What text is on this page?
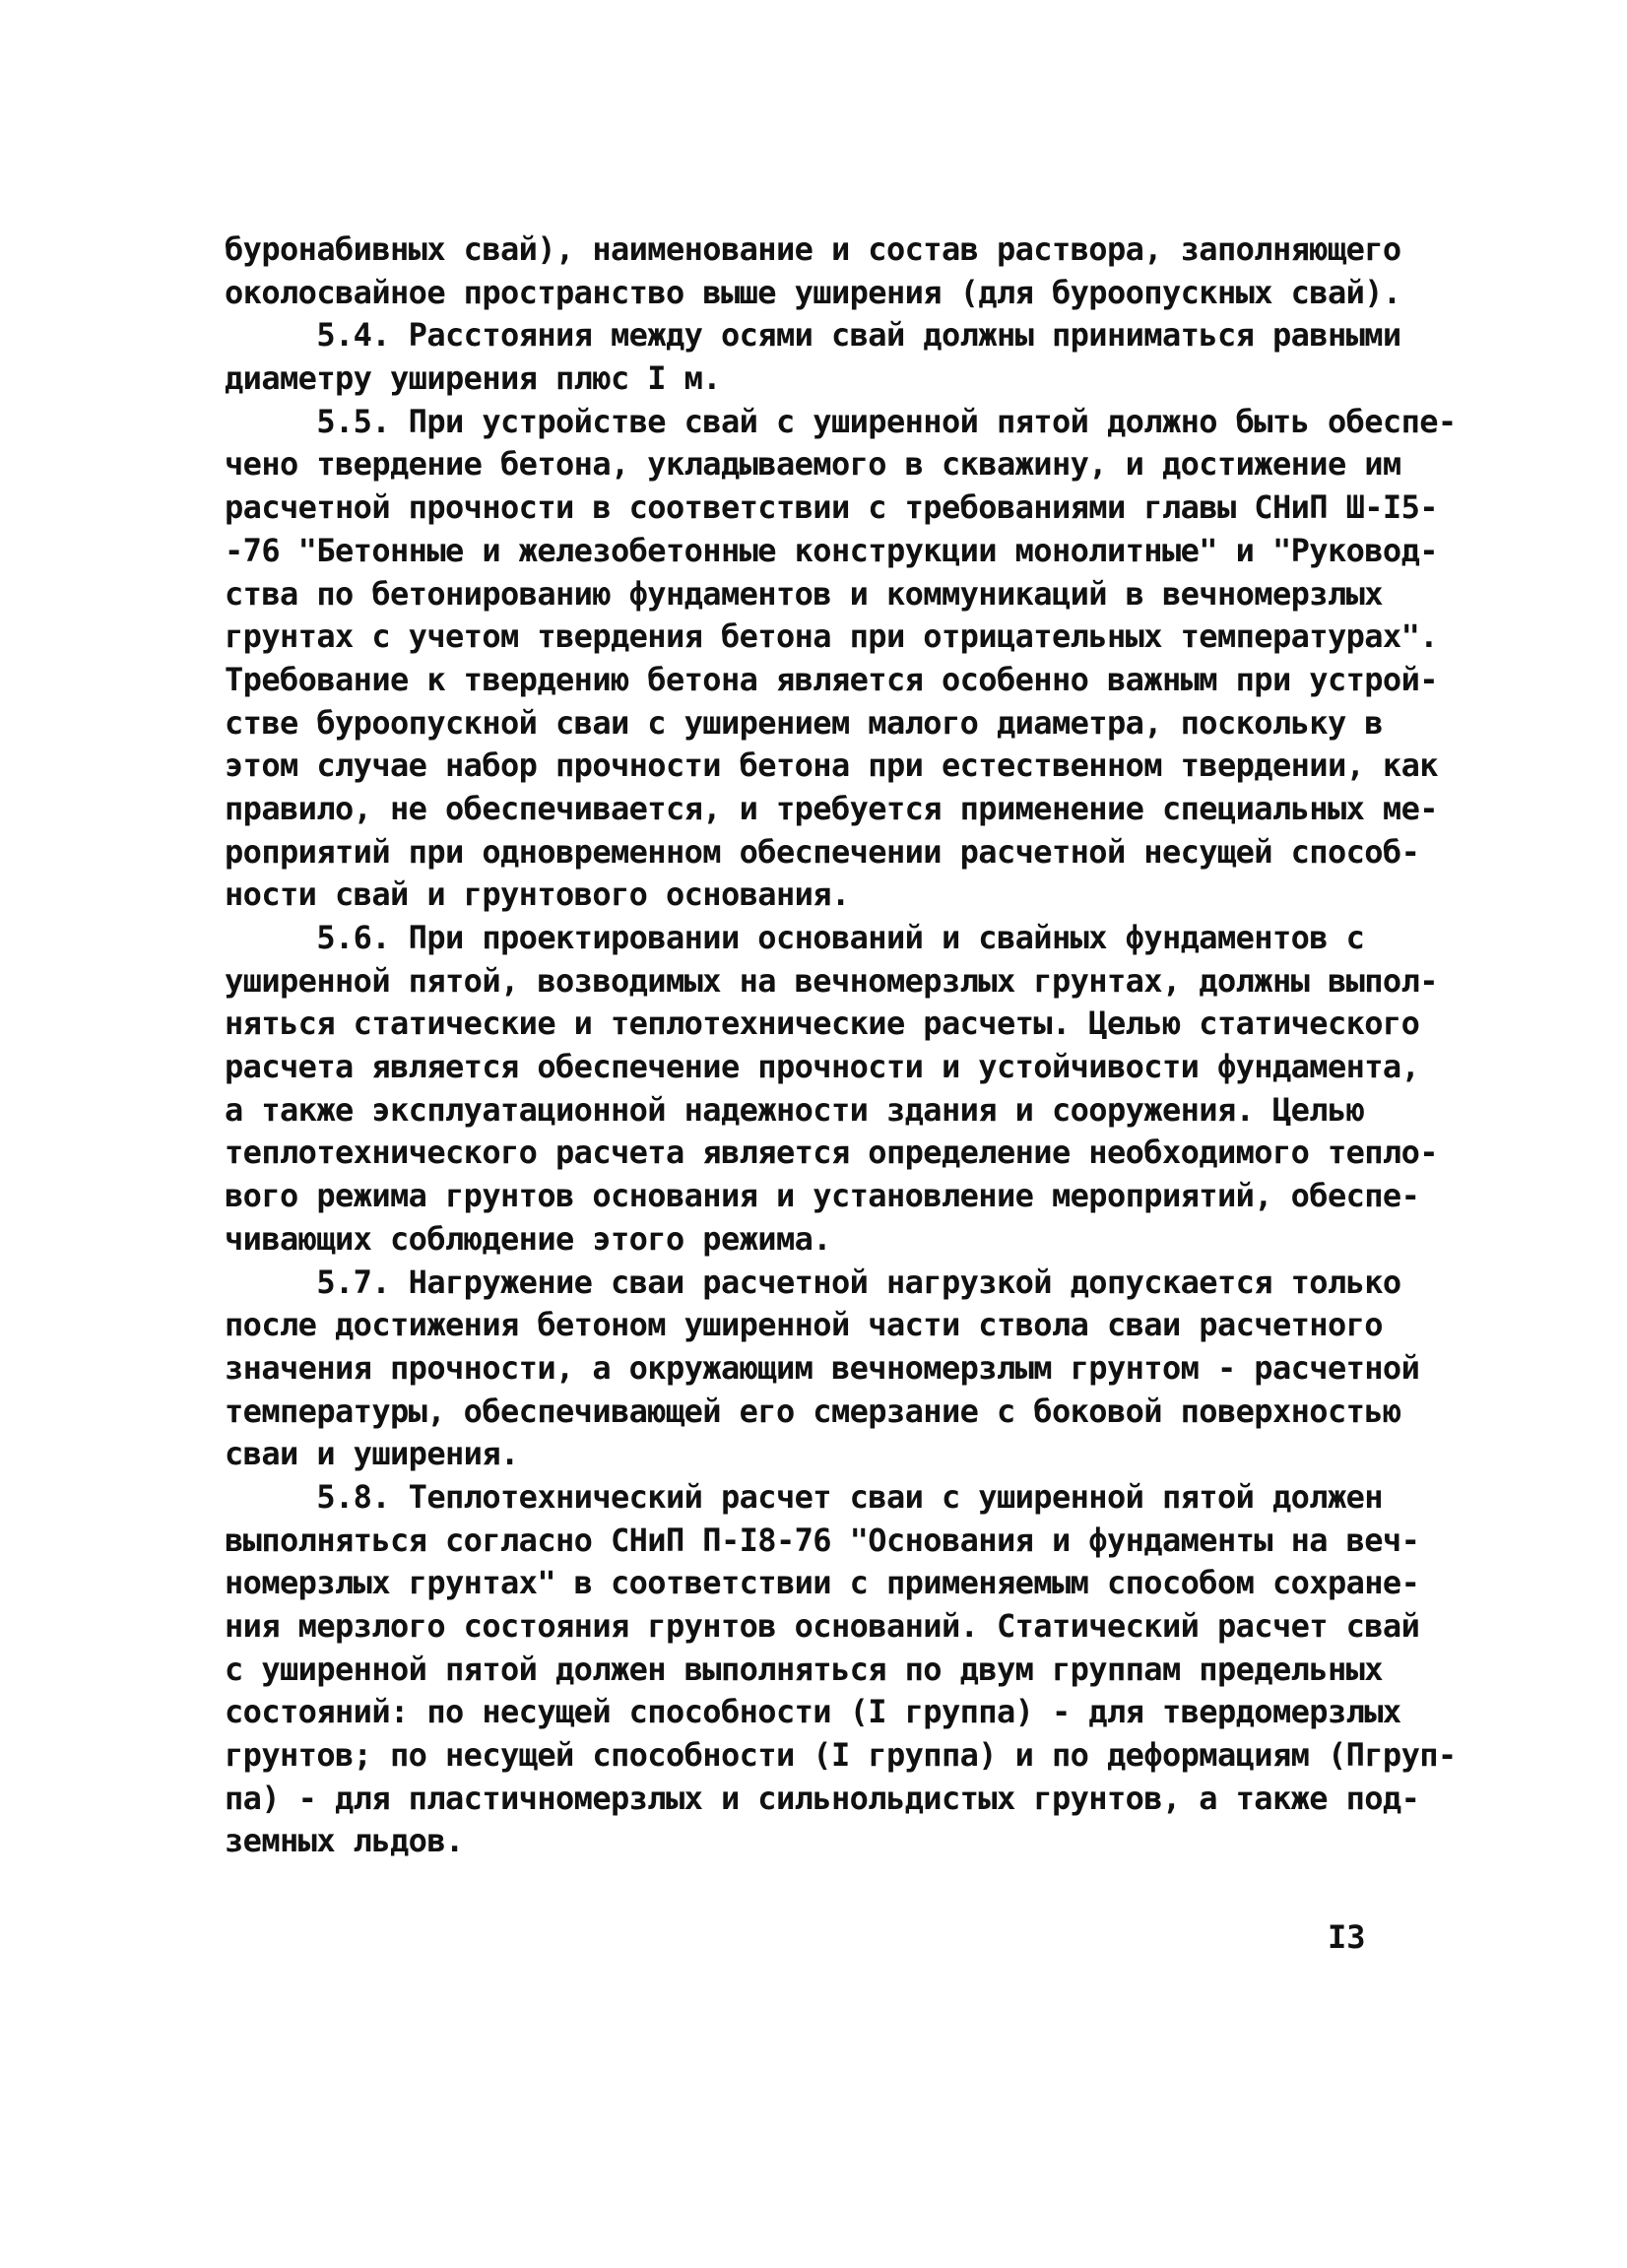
буронабивных свай), наименование и состав раствора, заполняющего
околосвайное пространство выше уширения (для буроопускных свай).
5.4. Расстояния между осями свай должны приниматься равными
диаметру уширения плюс I м.
5.5. При устройстве свай с уширенной пятой должно быть обеспе-
чено твердение бетона, укладываемого в скважину, и достижение им
расчетной прочности в соответствии с требованиями главы СНиП Ш-I5-
-76 "Бетонные и железобетонные конструкции монолитные" и "Руковод-
ства по бетонированию фундаментов и коммуникаций в вечномерзлых
грунтах с учетом твердения бетона при отрицательных температурах".
Требование к твердению бетона является особенно важным при устрой-
стве буроопускной сваи с уширением малого диаметра, поскольку в
этом случае набор прочности бетона при естественном твердении, как
правило, не обеспечивается, и требуется применение специальных ме-
роприятий при одновременном обеспечении расчетной несущей способ-
ности свай и грунтового основания.
5.6. При проектировании оснований и свайных фундаментов с
уширенной пятой, возводимых на вечномерзлых грунтах, должны выпол-
няться статические и теплотехнические расчеты. Целью статического
расчета является обеспечение прочности и устойчивости фундамента,
а также эксплуатационной надежности здания и сооружения. Целью
теплотехнического расчета является определение необходимого тепло-
вого режима грунтов основания и установление мероприятий, обеспе-
чивающих соблюдение этого режима.
5.7. Нагружение сваи расчетной нагрузкой допускается только
после достижения бетоном уширенной части ствола сваи расчетного
значения прочности, а окружающим вечномерзлым грунтом - расчетной
температуры, обеспечивающей его смерзание с боковой поверхностью
сваи и уширения.
5.8. Теплотехнический расчет сваи с уширенной пятой должен
выполняться согласно СНиП П-I8-76 "Основания и фундаменты на веч-
номерзлых грунтах" в соответствии с применяемым способом сохране-
ния мерзлого состояния грунтов оснований. Статический расчет свай
с уширенной пятой должен выполняться по двум группам предельных
состояний: по несущей способности (I группа) - для твердомерзлых
грунтов; по несущей способности (I группа) и по деформациям (Пгруп-
па) - для пластичномерзлых и сильнольдистых грунтов, а также под-
земных льдов.
I3
